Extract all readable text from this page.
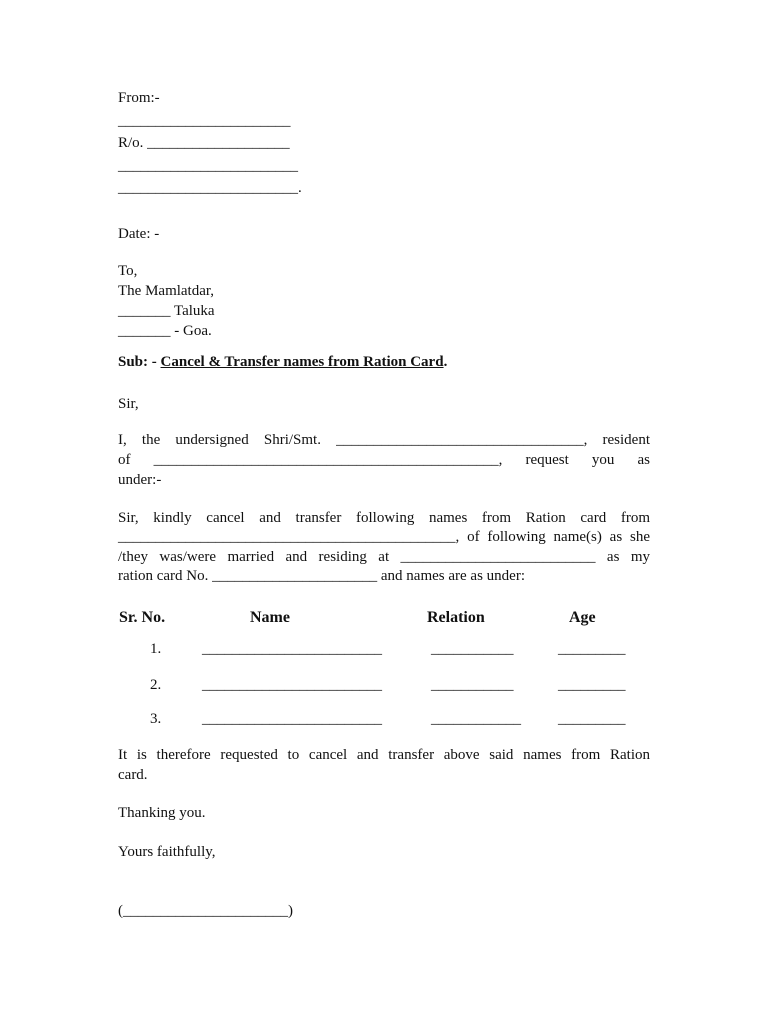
From:-
_______________________
R/o. ___________________
________________________
________________________.
Date: -
To,
The Mamlatdar,
_______ Taluka
_______ - Goa.
Sub: - Cancel & Transfer names from Ration Card.
Sir,
I, the undersigned Shri/Smt. _________________________________, resident
of ______________________________________________, request you as
under:-
Sir, kindly cancel and transfer following names from Ration card from
_____________________________________________, of following name(s) as she
/they was/were married and residing at __________________________ as my
ration card No. ______________________ and names are as under:
Sr. No.	Name	Relation	Age
1.	________________________	___________	_________
2.	________________________	___________	_________
3.	________________________	____________ _________
It is therefore requested to cancel and transfer above said names from Ration
card.
Thanking you.
Yours faithfully,
(______________________)
